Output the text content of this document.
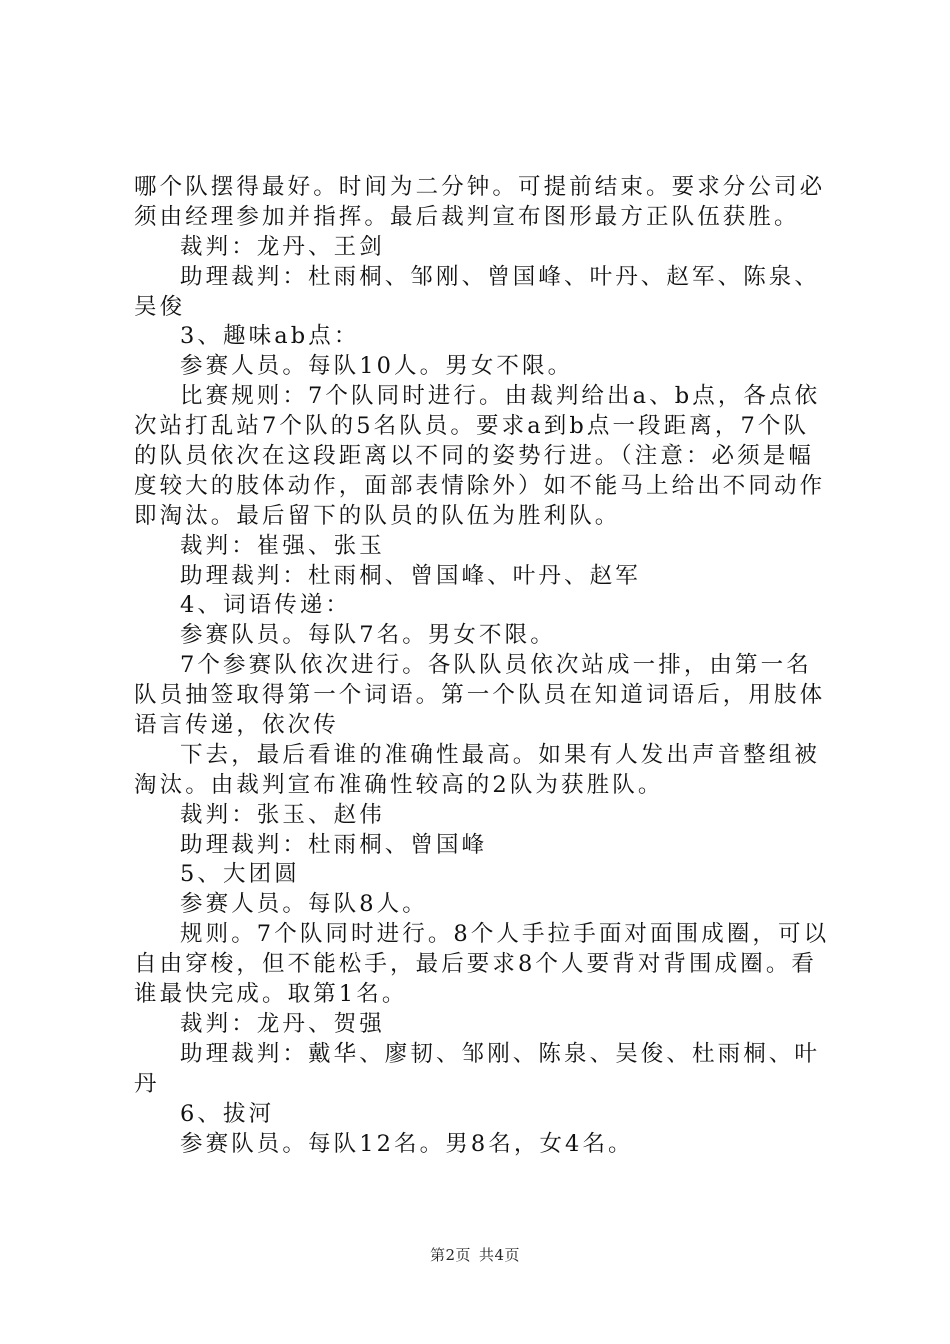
哪个队摆得最好。时间为二分钟。可提前结束。要求分公司必
须由经理参加并指挥。最后裁判宣布图形最方正队伍获胜。
裁判：龙丹、王剑
助理裁判：杜雨桐、邹刚、曾国峰、叶丹、赵军、陈泉、
吴俊
3、趣味ab点：
参赛人员。每队10人。男女不限。
比赛规则：7个队同时进行。由裁判给出a、b点，各点依
次站打乱站7个队的5名队员。要求a到b点一段距离，7个队
的队员依次在这段距离以不同的姿势行进。（注意：必须是幅
度较大的肢体动作，面部表情除外）如不能马上给出不同动作
即淘汰。最后留下的队员的队伍为胜利队。
裁判：崔强、张玉
助理裁判：杜雨桐、曾国峰、叶丹、赵军
4、词语传递：
参赛队员。每队7名。男女不限。
7个参赛队依次进行。各队队员依次站成一排，由第一名
队员抽签取得第一个词语。第一个队员在知道词语后，用肢体
语言传递，依次传
下去，最后看谁的准确性最高。如果有人发出声音整组被
淘汰。由裁判宣布准确性较高的2队为获胜队。
裁判：张玉、赵伟
助理裁判：杜雨桐、曾国峰
5、大团圆
参赛人员。每队8人。
规则。7个队同时进行。8个人手拉手面对面围成圈，可以
自由穿梭，但不能松手，最后要求8个人要背对背围成圈。看
谁最快完成。取第1名。
裁判：龙丹、贺强
助理裁判：戴华、廖韧、邹刚、陈泉、吴俊、杜雨桐、叶
丹
6、拔河
参赛队员。每队12名。男8名，女4名。
第2页 共4页
